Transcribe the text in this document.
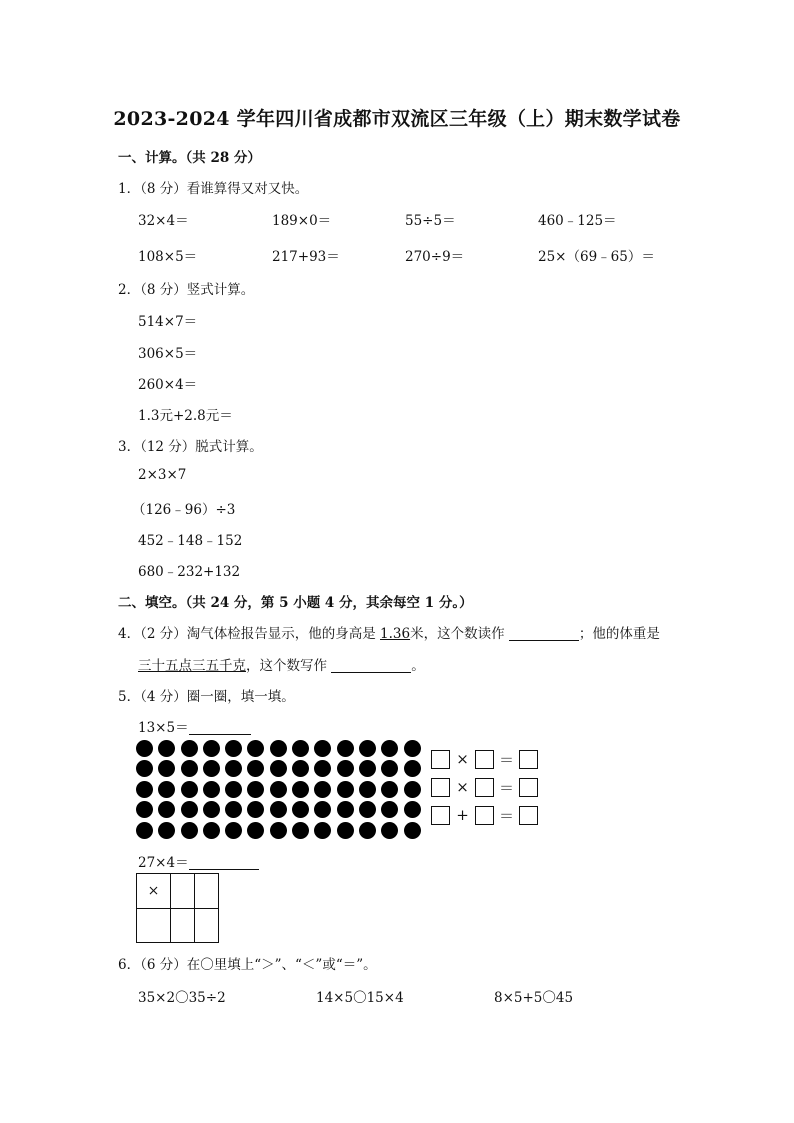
2023-2024 学年四川省成都市双流区三年级（上）期末数学试卷
一、计算。（共 28 分）
1．（8 分）看谁算得又对又快。
32×4＝	189×0＝	55÷5＝	460﹣125＝
108×5＝	217+93＝	270÷9＝	25×（69﹣65）＝
2．（8 分）竖式计算。
514×7＝
306×5＝
260×4＝
1.3元+2.8元＝
3．（12 分）脱式计算。
2×3×7
（126﹣96）÷3
452﹣148﹣152
680﹣232+132
二、填空。（共 24 分，第 5 小题 4 分，其余每空 1 分。）
4．（2 分）淘气体检报告显示，他的身高是 1.36米，这个数读作	；他的体重是
三十五点三五千克，这个数写作	。
5．（4 分）圈一圈，填一填。
13×5＝
×	＝
×	＝
+	＝
27×4＝
×
6．（6 分）在〇里填上“＞”、“＜”或“＝”。
35×2〇35÷2	14×5〇15×4	8×5+5〇45
